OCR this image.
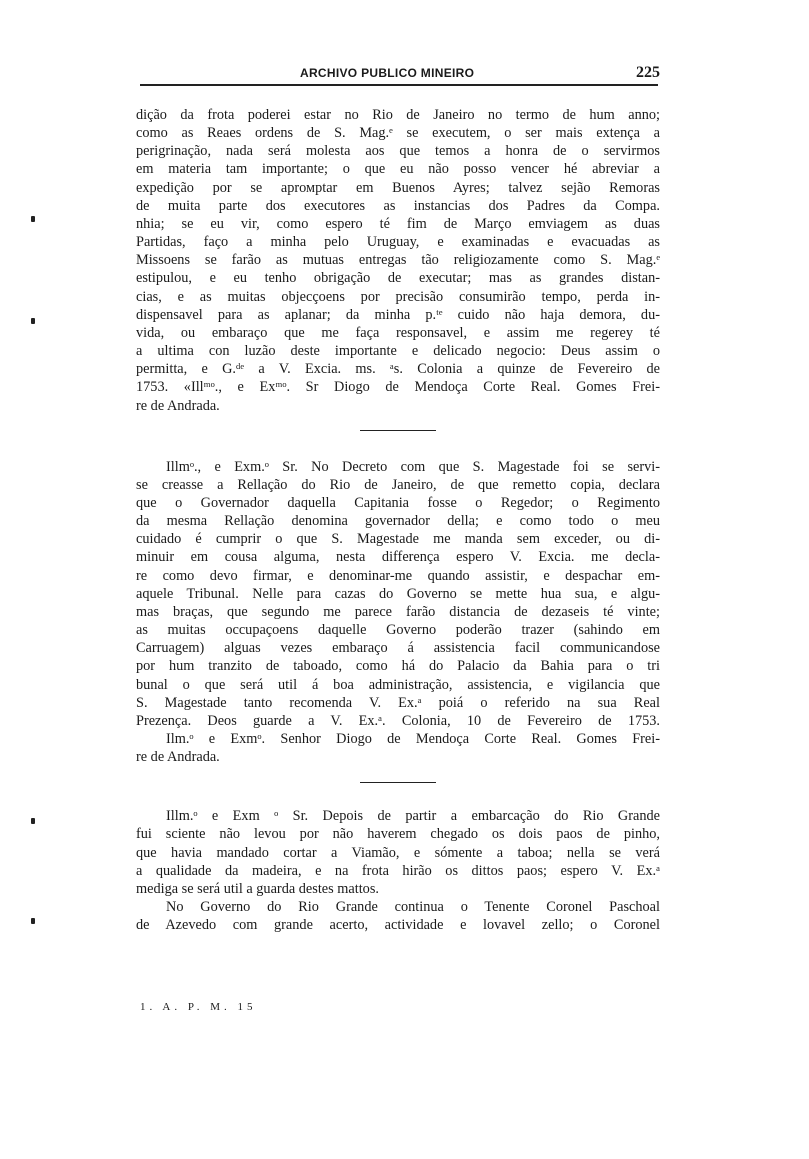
ARCHIVO PUBLICO MINEIRO	225
dição da frota poderei estar no Rio de Janeiro no termo de hum anno;
como as Reaes ordens de S. Mag.ᵉ se executem, o ser mais extença a
perigrinação, nada será molesta aos que temos a honra de o servirmos
em materia tam importante; o que eu não posso vencer hé abreviar a
expedição por se aprомptar em Buenos Ayres; talvez sejão Remoras
de muita parte dos executores as instancias dos Padres da Compa.
nhia; se eu vir, como espero té fim de Março emviagem as duas
Partidas, faço a minha pelo Uruguay, e examinadas e evacuadas as
Missoens se farão as mutuas entregas tão religiozamente como S. Mag.ᵉ
estipulou, e eu tenho obrigação de executar; mas as grandes distan-
cias, e as muitas objecçoens por precisão consumirão tempo, perda in-
dispensavel para as aplanar; da minha p.ᵗᵉ cuido não haja demora, du-
vida, ou embaraço que me faça responsavel, e assim me regerey té
a ultima con luzão deste importante e delicado negocio: Deus assim o
permitta, e G.ᵈᵉ a V. Excia. ms. ᵃs. Colonia a quinze de Fevereiro de
1753. «Illᵐᵒ., e Exᵐᵒ. Sr Diogo de Mendoça Corte Real. Gomes Frei-
re de Andrada.
Illmᵒ., e Exm.ᵒ Sr. No Decreto com que S. Magestade foi se servi-
se creasse a Rellação do Rio de Janeiro, de que remetto copia, declara
que o Governador daquella Capitania fosse o Regedor; o Regimento
da mesma Rellação denomina governador della; e como todo o meu
cuidado é cumprir o que S. Magestade me manda sem exceder, ou di-
minuir em cousa alguma, nesta differença espero V. Excia. me decla-
re como devo firmar, e denominar-me quando assistir, e despachar em-
aquele Tribunal. Nelle para cazas do Governo se mette hua sua, e algu-
mas braças, que segundo me parece farão distancia de dezaseis té vinte;
as muitas occupaçoens daquelle Governo poderão trazer (sahindo em
Carruagem) alguas vezes embaraço á assistencia facil communicandose
por hum tranzito de taboado, como há do Palacio da Bahia para o tri
bunal o que será util á boa administração, assistencia, e vigilancia que
S. Magestade tanto recomenda V. Ex.ᵃ poiá o referido na sua Real
Prezença. Deos guarde a V. Ex.ᵃ. Colonia, 10 de Fevereiro de 1753.
Ilm.ᵒ e Exmᵒ. Senhor Diogo de Mendoça Corte Real. Gomes Frei-
re de Andrada.
Illm.ᵒ e Exm ᵒ Sr. Depois de partir a embarcação do Rio Grande
fui sciente não levou por não haverem chegado os dois paos de pinho,
que havia mandado cortar a Viamão, e sómente a taboa; nella se verá
a qualidade da madeira, e na frota hirão os dittos paos; espero V. Ex.ᵃ
mediga se será util a guarda destes mattos.
No Governo do Rio Grande continua o Tenente Coronel Paschoal
de Azevedo com grande acerto, actividade e lovavel zello; o Coronel
1. A. P. M. 15
